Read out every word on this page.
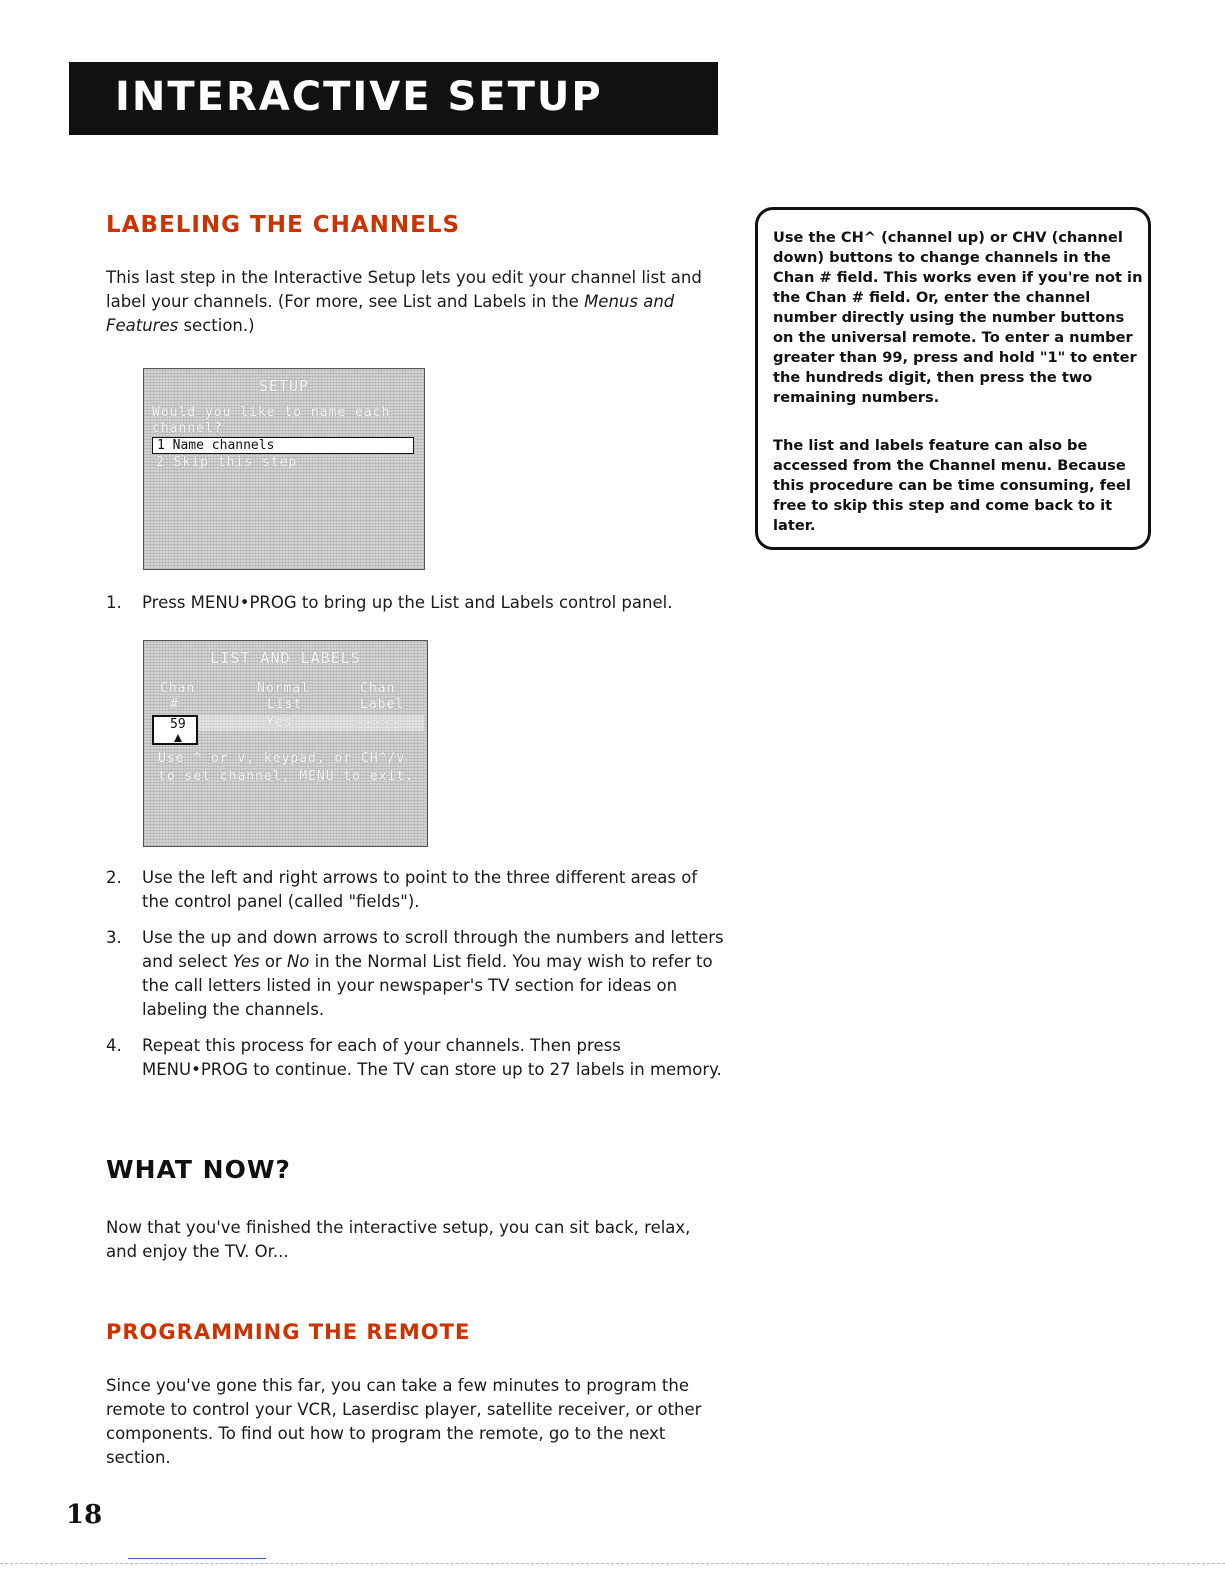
INTERACTIVE SETUP
LABELING THE CHANNELS

This last step in the Interactive Setup lets you edit your channel list and
label your channels. (For more, see List and Labels in the Menus and
Features section.)

SETUP
Would you like to name each
channel?
1 Name channels
2 Skip this step

1. Press MENU•PROG to bring up the List and Labels control panel.

LIST AND LABELS
Chan
#
Normal
List
Chan
Label
59	Yes	-----
Use ^ or v, keypad, or CH^/v
to set channel, MENU to exit.

2. Use the left and right arrows to point to the three different areas of the control panel (called "fields").

3. Use the up and down arrows to scroll through the numbers and letters and select Yes or No in the Normal List field. You may wish to refer to the call letters listed in your newspaper's TV section for ideas on labeling the channels.

4. Repeat this process for each of your channels. Then press MENU•PROG to continue. The TV can store up to 27 labels in memory.

Use the CH^ (channel up) or CHV (channel down) buttons to change channels in the Chan # field. This works even if you're not in the Chan # field. Or, enter the channel number directly using the number buttons on the universal remote. To enter a number greater than 99, press and hold "1" to enter the hundreds digit, then press the two remaining numbers.

The list and labels feature can also be accessed from the Channel menu. Because this procedure can be time consuming, feel free to skip this step and come back to it later.

WHAT NOW?

Now that you've finished the interactive setup, you can sit back, relax, and enjoy the TV. Or...

PROGRAMMING THE REMOTE

Since you've gone this far, you can take a few minutes to program the remote to control your VCR, Laserdisc player, satellite receiver, or other components. To find out how to program the remote, go to the next section.

18
